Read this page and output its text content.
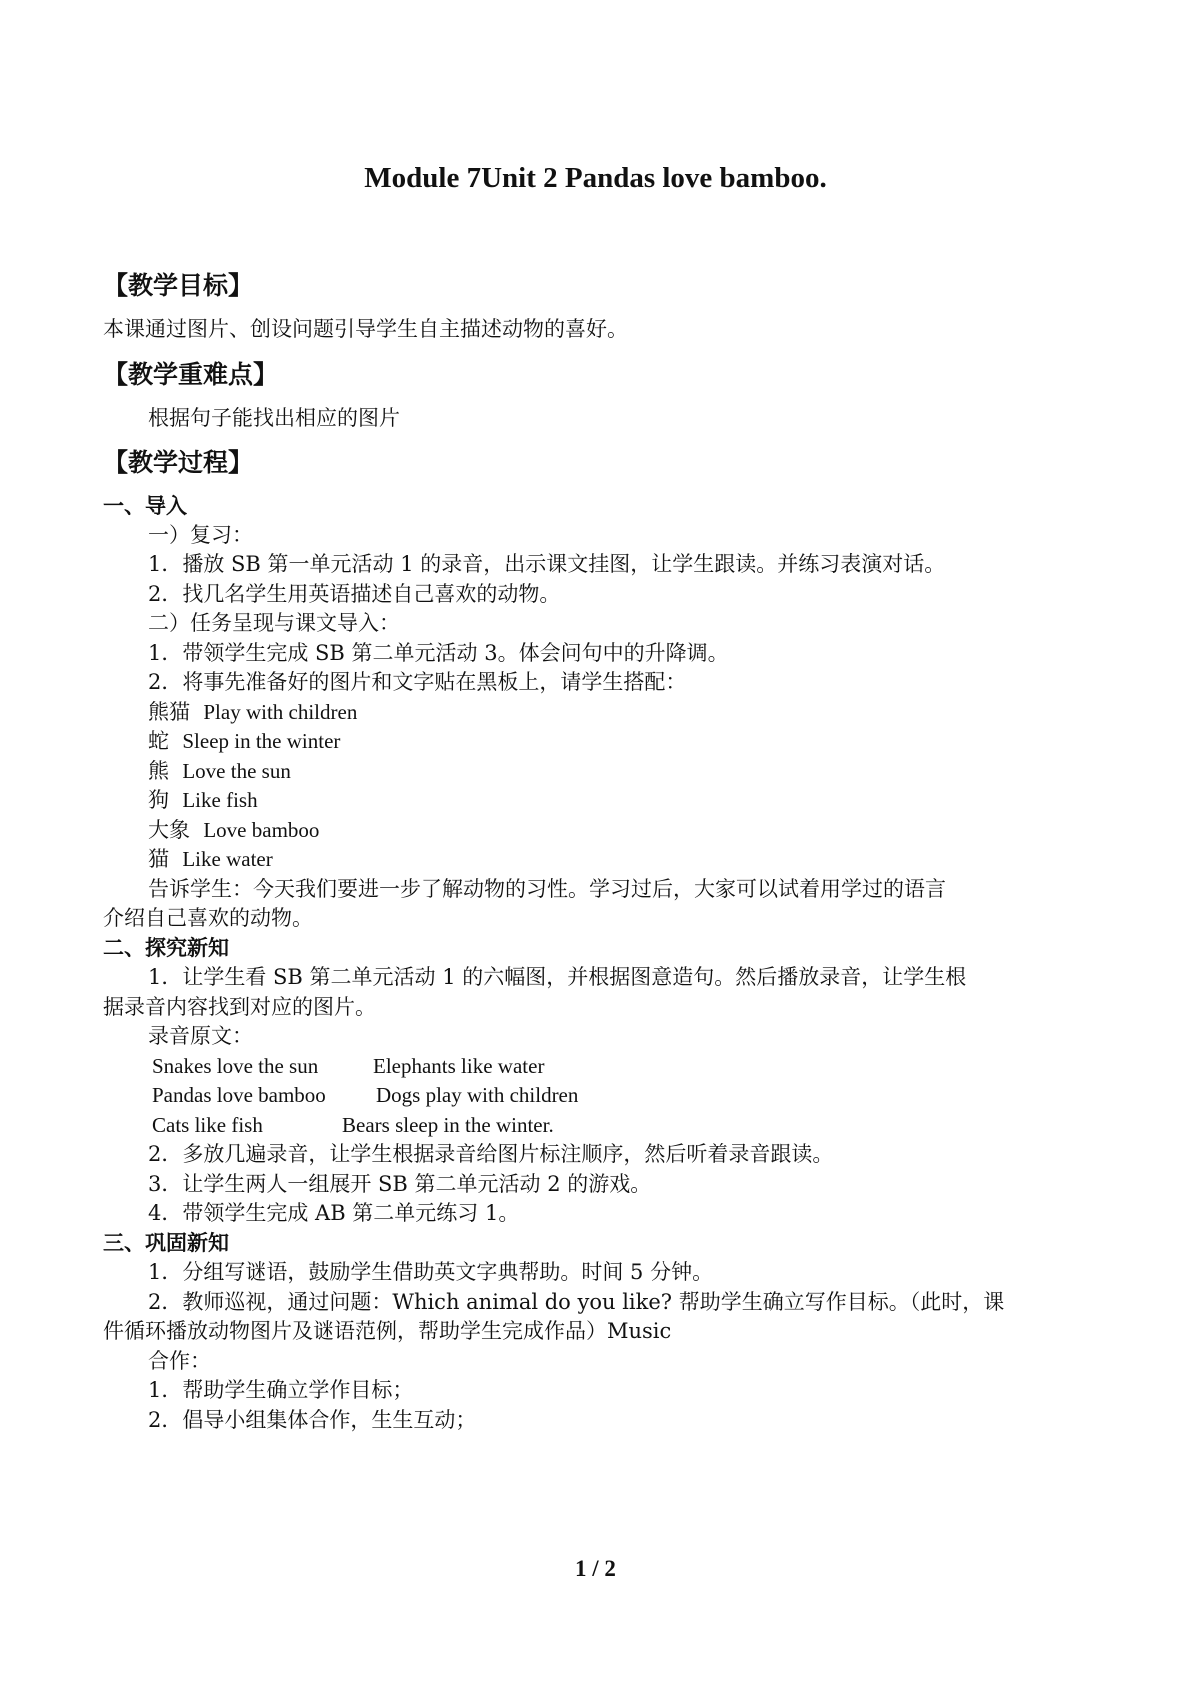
Module 7Unit 2 Pandas love bamboo.
【教学目标】
本课通过图片、创设问题引导学生自主描述动物的喜好。
【教学重难点】
根据句子能找出相应的图片
【教学过程】
一、导入
一）复习：
1．播放 SB 第一单元活动 1 的录音，出示课文挂图，让学生跟读。并练习表演对话。
2．找几名学生用英语描述自己喜欢的动物。
二）任务呈现与课文导入：
1．带领学生完成 SB 第二单元活动 3。体会问句中的升降调。
2．将事先准备好的图片和文字贴在黑板上，请学生搭配：
熊猫 Play with children
蛇 Sleep in the winter
熊 Love the sun
狗 Like fish
大象 Love bamboo
猫 Like water
告诉学生：今天我们要进一步了解动物的习性。学习过后，大家可以试着用学过的语言
介绍自己喜欢的动物。
二、探究新知
1．让学生看 SB 第二单元活动 1 的六幅图，并根据图意造句。然后播放录音，让学生根
据录音内容找到对应的图片。
录音原文：
Snakes love the sun	Elephants like water
Pandas love bamboo Dogs play with children
Cats like fish	Bears sleep in the winter.
2．多放几遍录音，让学生根据录音给图片标注顺序，然后听着录音跟读。
3．让学生两人一组展开 SB 第二单元活动 2 的游戏。
4．带领学生完成 AB 第二单元练习 1。
三、巩固新知
1．分组写谜语，鼓励学生借助英文字典帮助。时间 5 分钟。
2．教师巡视，通过问题：Which animal do you like? 帮助学生确立写作目标。（此时，课
件循环播放动物图片及谜语范例，帮助学生完成作品）Music
合作：
1．帮助学生确立学作目标；
2．倡导小组集体合作，生生互动；
1 / 2
